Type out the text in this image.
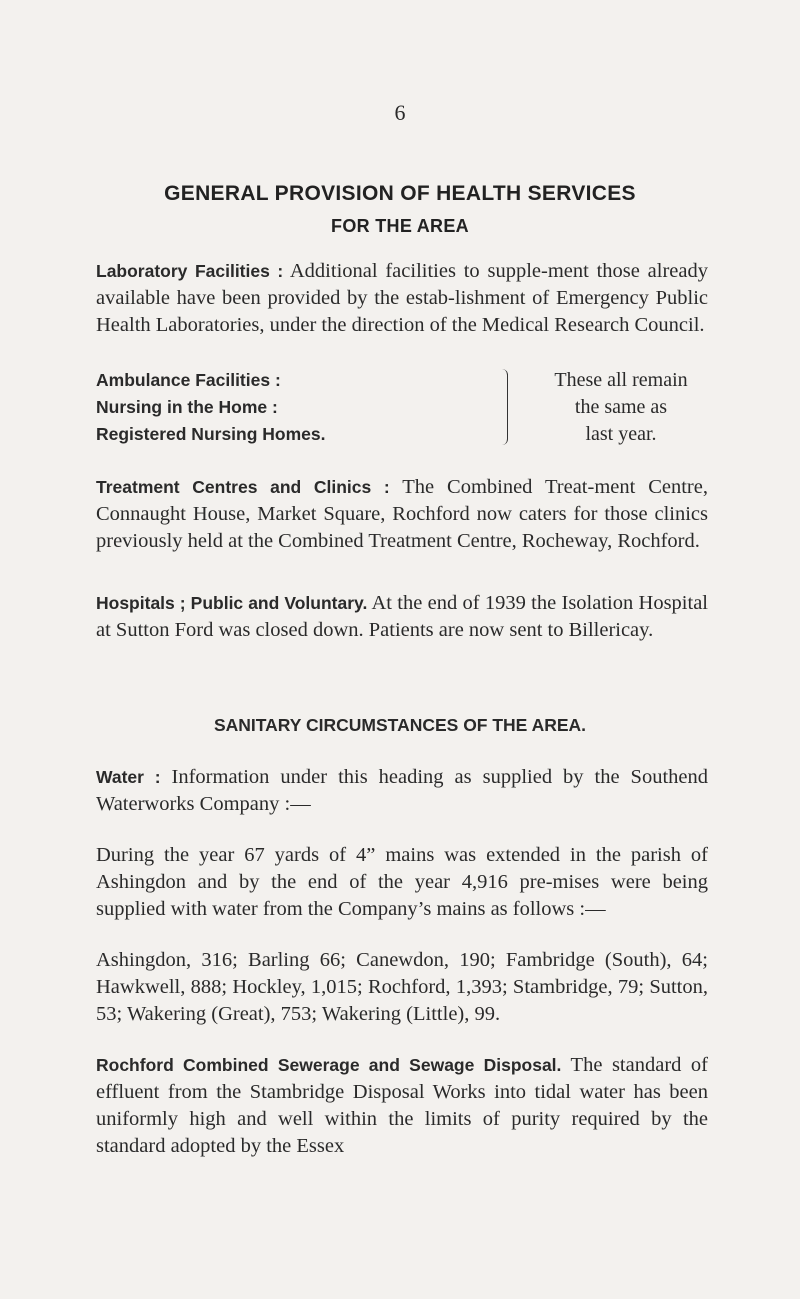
6
GENERAL PROVISION OF HEALTH SERVICES
FOR THE AREA

Laboratory Facilities : Additional facilities to supple-ment those already available have been provided by the estab-lishment of Emergency Public Health Laboratories, under the direction of the Medical Research Council.

Ambulance Facilities :
Nursing in the Home :
Registered Nursing Homes.
These all remain
the same as
last year.

Treatment Centres and Clinics : The Combined Treat-ment Centre, Connaught House, Market Square, Rochford now caters for those clinics previously held at the Combined Treatment Centre, Rocheway, Rochford.

Hospitals ; Public and Voluntary. At the end of 1939 the Isolation Hospital at Sutton Ford was closed down. Patients are now sent to Billericay.

SANITARY CIRCUMSTANCES OF THE AREA.

Water : Information under this heading as supplied by the Southend Waterworks Company :—

During the year 67 yards of 4” mains was extended in the parish of Ashingdon and by the end of the year 4,916 pre-mises were being supplied with water from the Company’s mains as follows :—

Ashingdon, 316; Barling 66; Canewdon, 190; Fambridge (South), 64; Hawkwell, 888; Hockley, 1,015; Rochford, 1,393; Stambridge, 79; Sutton, 53; Wakering (Great), 753; Wakering (Little), 99.

Rochford Combined Sewerage and Sewage Disposal. The standard of effluent from the Stambridge Disposal Works into tidal water has been uniformly high and well within the limits of purity required by the standard adopted by the Essex
